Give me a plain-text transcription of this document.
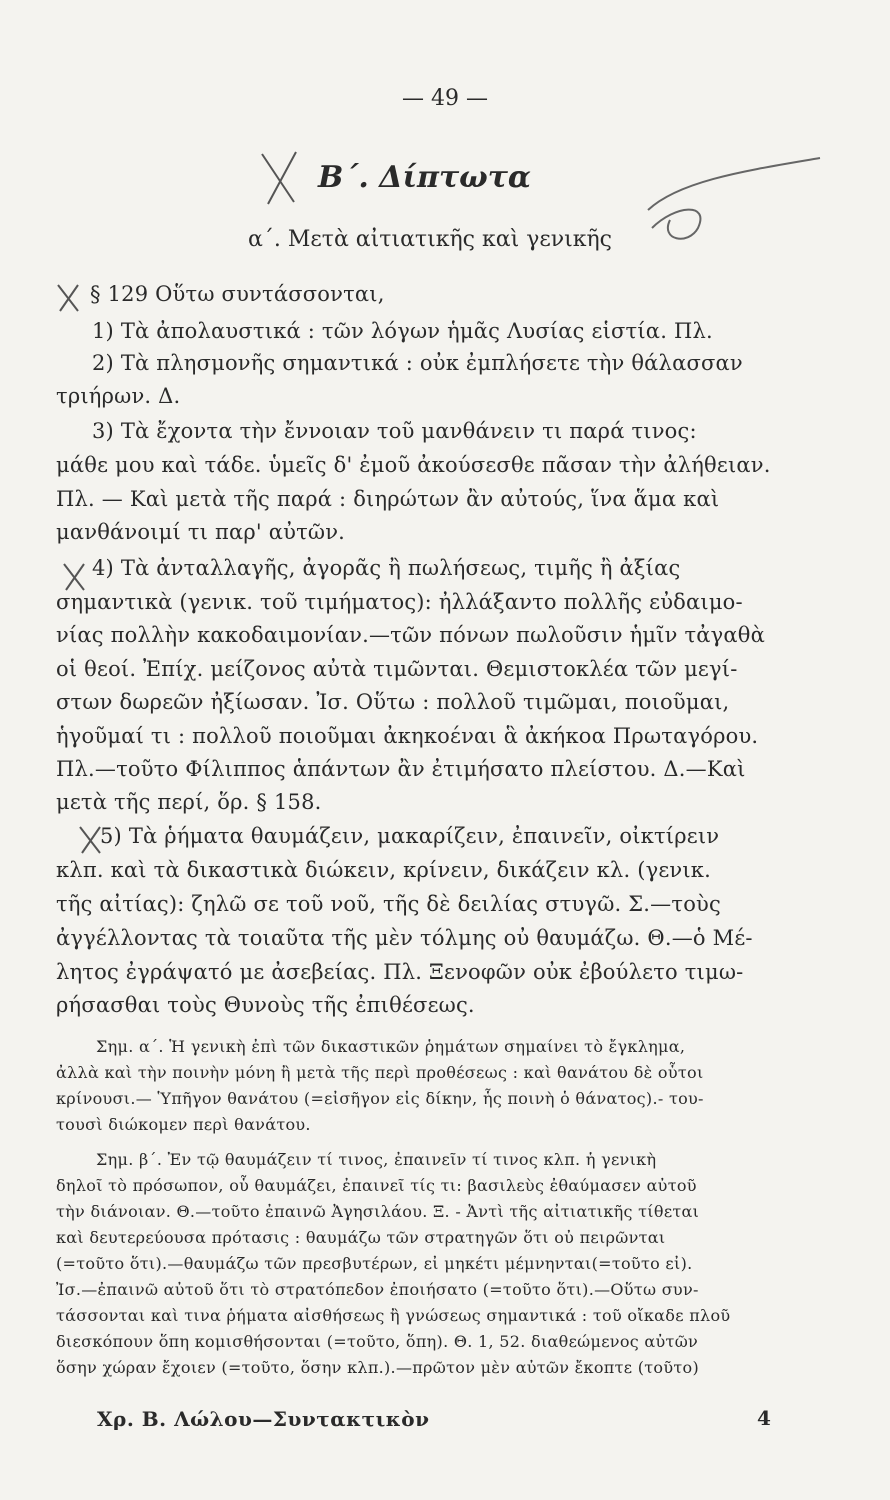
— 49 —
Β΄. Δίπτωτα
α΄. Μετὰ αἰτιατικῆς καὶ γενικῆς
§ 129 Οὕτω συντάσσονται,
1) Τὰ ἀπολαυστικά : τῶν λόγων ἡμᾶς Λυσίας εἱστία. Πλ.
2) Τὰ πλησμονῆς σημαντικά : οὐκ ἐμπλήσετε τὴν θάλασσαν
τριήρων. Δ.
3) Τὰ ἔχοντα τὴν ἔννοιαν τοῦ μανθάνειν τι παρά τινος:
μάθε μου καὶ τάδε. ὑμεῖς δ' ἐμοῦ ἀκούσεσθε πᾶσαν τὴν ἀλήθειαν.
Πλ. — Καὶ μετὰ τῆς παρά : διηρώτων ἂν αὐτούς, ἵνα ἅμα καὶ
μανθάνοιμί τι παρ' αὐτῶν.
4) Τὰ ἀνταλλαγῆς, ἀγορᾶς ἢ πωλήσεως, τιμῆς ἢ ἀξίας
σημαντικὰ (γενικ. τοῦ τιμήματος): ἠλλάξαντο πολλῆς εὐδαιμο-
νίας πολλὴν κακοδαιμονίαν.—τῶν πόνων πωλοῦσιν ἡμῖν τἀγαθὰ
οἱ θεοί. Ἐπίχ. μείζονος αὐτὰ τιμῶνται. Θεμιστοκλέα τῶν μεγί-
στων δωρεῶν ἠξίωσαν. Ἰσ. Οὕτω : πολλοῦ τιμῶμαι, ποιοῦμαι,
ἡγοῦμαί τι : πολλοῦ ποιοῦμαι ἀκηκοέναι ἃ ἀκήκοα Πρωταγόρου.
Πλ.—τοῦτο Φίλιππος ἁπάντων ἂν ἐτιμήσατο πλείστου. Δ.—Καὶ
μετὰ τῆς περί, ὅρ. § 158.
5) Τὰ ῥήματα θαυμάζειν, μακαρίζειν, ἐπαινεῖν, οἰκτίρειν
κλπ. καὶ τὰ δικαστικὰ διώκειν, κρίνειν, δικάζειν κλ. (γενικ.
τῆς αἰτίας): ζηλῶ σε τοῦ νοῦ, τῆς δὲ δειλίας στυγῶ. Σ.—τοὺς
ἀγγέλλοντας τὰ τοιαῦτα τῆς μὲν τόλμης οὐ θαυμάζω. Θ.—ὁ Μέ-
λητος ἐγράψατό με ἀσεβείας. Πλ. Ξενοφῶν οὐκ ἐβούλετο τιμω-
ρήσασθαι τοὺς Θυνοὺς τῆς ἐπιθέσεως.
Σημ. α΄. Ἡ γενικὴ ἐπὶ τῶν δικαστικῶν ῥημάτων σημαίνει τὸ ἔγκλημα,
ἀλλὰ καὶ τὴν ποινὴν μόνη ἢ μετὰ τῆς περὶ προθέσεως : καὶ θανάτου δὲ οὗτοι
κρίνουσι.— Ὑπῆγον θανάτου (=εἰσῆγον εἰς δίκην, ἧς ποινὴ ὁ θάνατος).- του-
τουσὶ διώκομεν περὶ θανάτου.
Σημ. β΄. Ἐν τῷ θαυμάζειν τί τινος, ἐπαινεῖν τί τινος κλπ. ἡ γενικὴ
δηλοῖ τὸ πρόσωπον, οὗ θαυμάζει, ἐπαινεῖ τίς τι: βασιλεὺς ἐθαύμασεν αὐτοῦ
τὴν διάνοιαν. Θ.—τοῦτο ἐπαινῶ Ἀγησιλάου. Ξ. - Ἀντὶ τῆς αἰτιατικῆς τίθεται
καὶ δευτερεύουσα πρότασις : θαυμάζω τῶν στρατηγῶν ὅτι οὐ πειρῶνται
(=τοῦτο ὅτι).—θαυμάζω τῶν πρεσβυτέρων, εἰ μηκέτι μέμνηνται(=τοῦτο εἰ).
Ἰσ.—ἐπαινῶ αὐτοῦ ὅτι τὸ στρατόπεδον ἐποιήσατο (=τοῦτο ὅτι).—Οὕτω συν-
τάσσονται καὶ τινα ῥήματα αἰσθήσεως ἢ γνώσεως σημαντικά : τοῦ οἴκαδε πλοῦ
διεσκόπουν ὅπη κομισθήσονται (=τοῦτο, ὅπη). Θ. 1, 52. διαθεώμενος αὐτῶν
ὅσην χώραν ἔχοιεν (=τοῦτο, ὅσην κλπ.).—πρῶτον μὲν αὐτῶν ἔκοπτε (τοῦτο)
Χρ. Β. Λώλου—Συντακτικὸν	4
